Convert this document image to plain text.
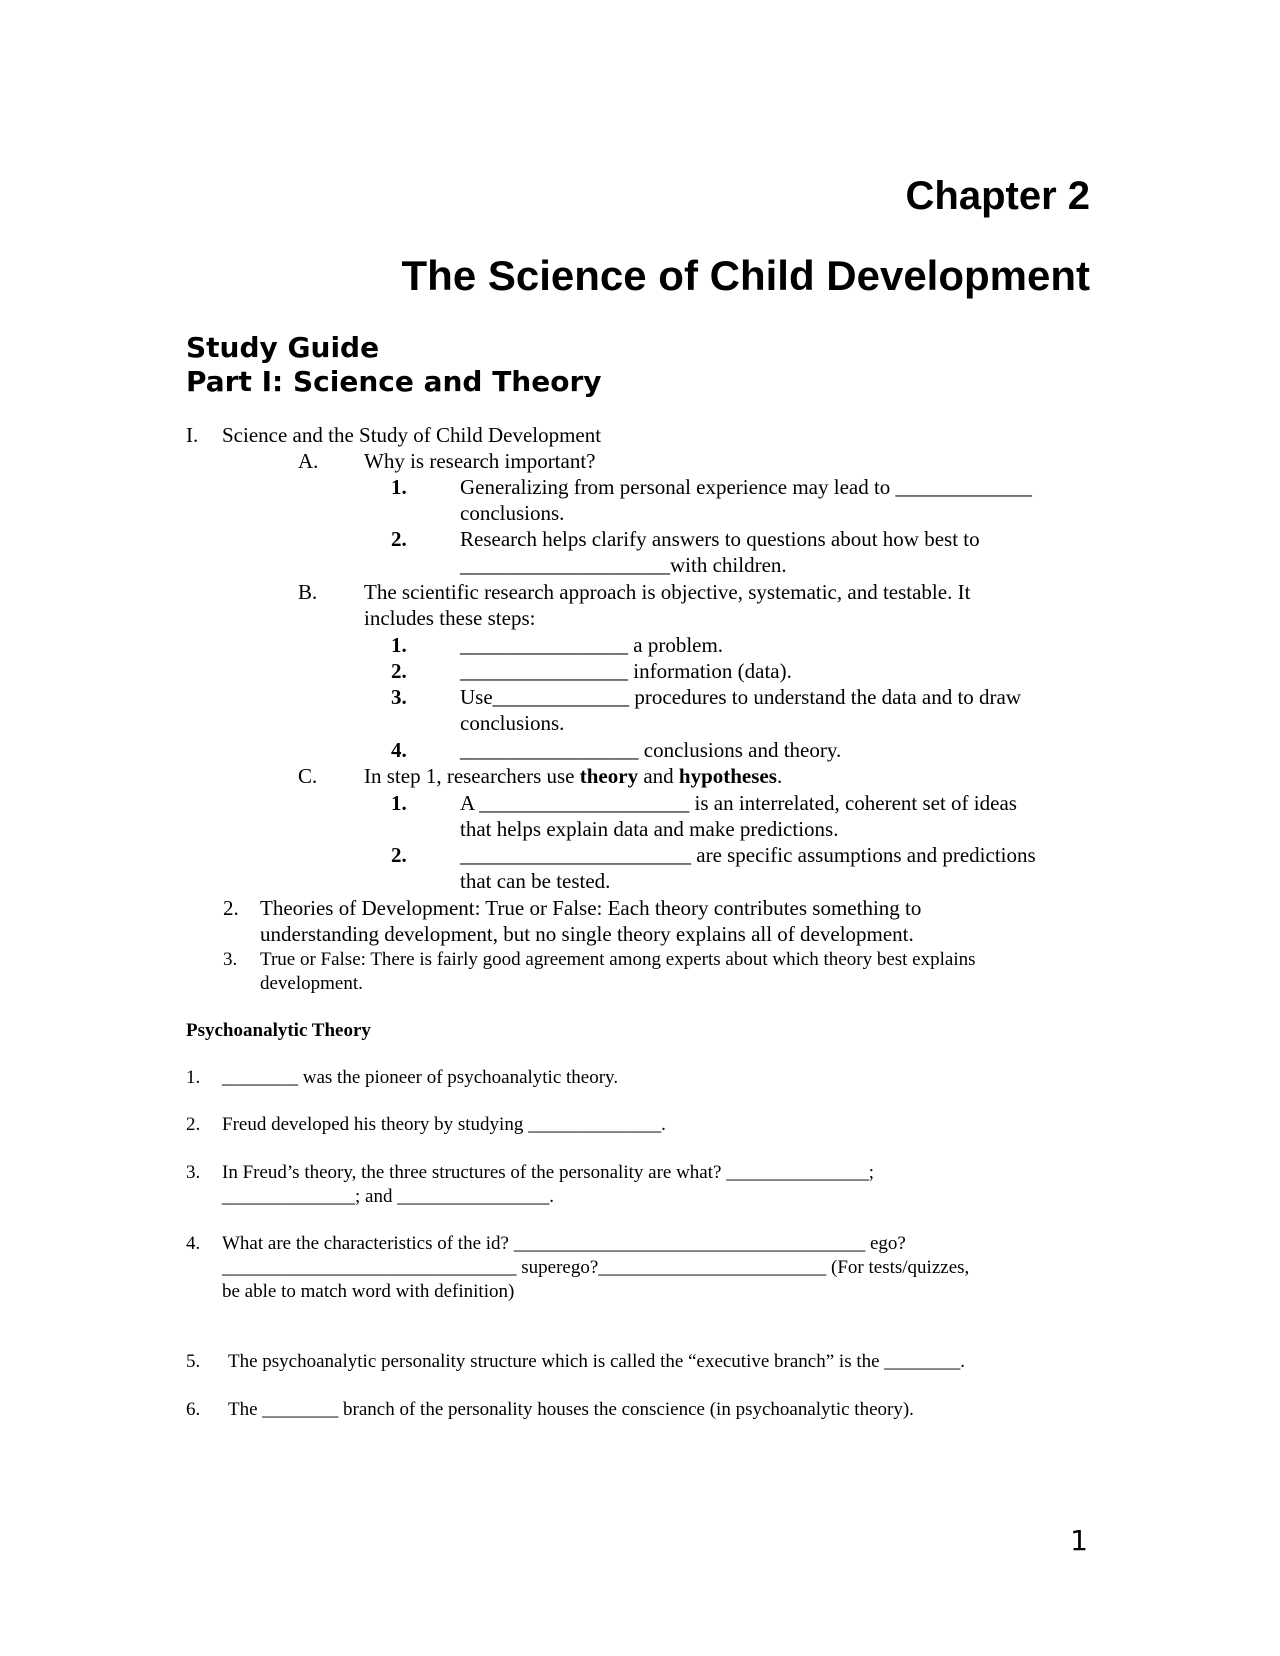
Chapter 2
The Science of Child Development
Study Guide
Part I: Science and Theory
I. Science and the Study of Child Development
A. Why is research important?
1.	Generalizing from personal experience may lead to _____________
conclusions.
2.	Research helps clarify answers to questions about how best to
____________________with children.
B. The scientific research approach is objective, systematic, and testable. It
includes these steps:
1.	________________ a problem.
2.	________________ information (data).
3.	Use_____________ procedures to understand the data and to draw
conclusions.
4.	_________________ conclusions and theory.
C. In step 1, researchers use theory and hypotheses.
1.	A ____________________ is an interrelated, coherent set of ideas
that helps explain data and make predictions.
2.	______________________ are specific assumptions and predictions
that can be tested.
2. Theories of Development: True or False: Each theory contributes something to
understanding development, but no single theory explains all of development.
3. True or False: There is fairly good agreement among experts about which theory best explains
development.
Psychoanalytic Theory
1. ________ was the pioneer of psychoanalytic theory.
2. Freud developed his theory by studying ______________.
3. In Freud’s theory, the three structures of the personality are what? _______________;
______________; and ________________.
4. What are the characteristics of the id? _____________________________________ ego?
_______________________________ superego?________________________ (For tests/quizzes,
be able to match word with definition)
5. The psychoanalytic personality structure which is called the “executive branch” is the ________.
6. The ________ branch of the personality houses the conscience (in psychoanalytic theory).
1
